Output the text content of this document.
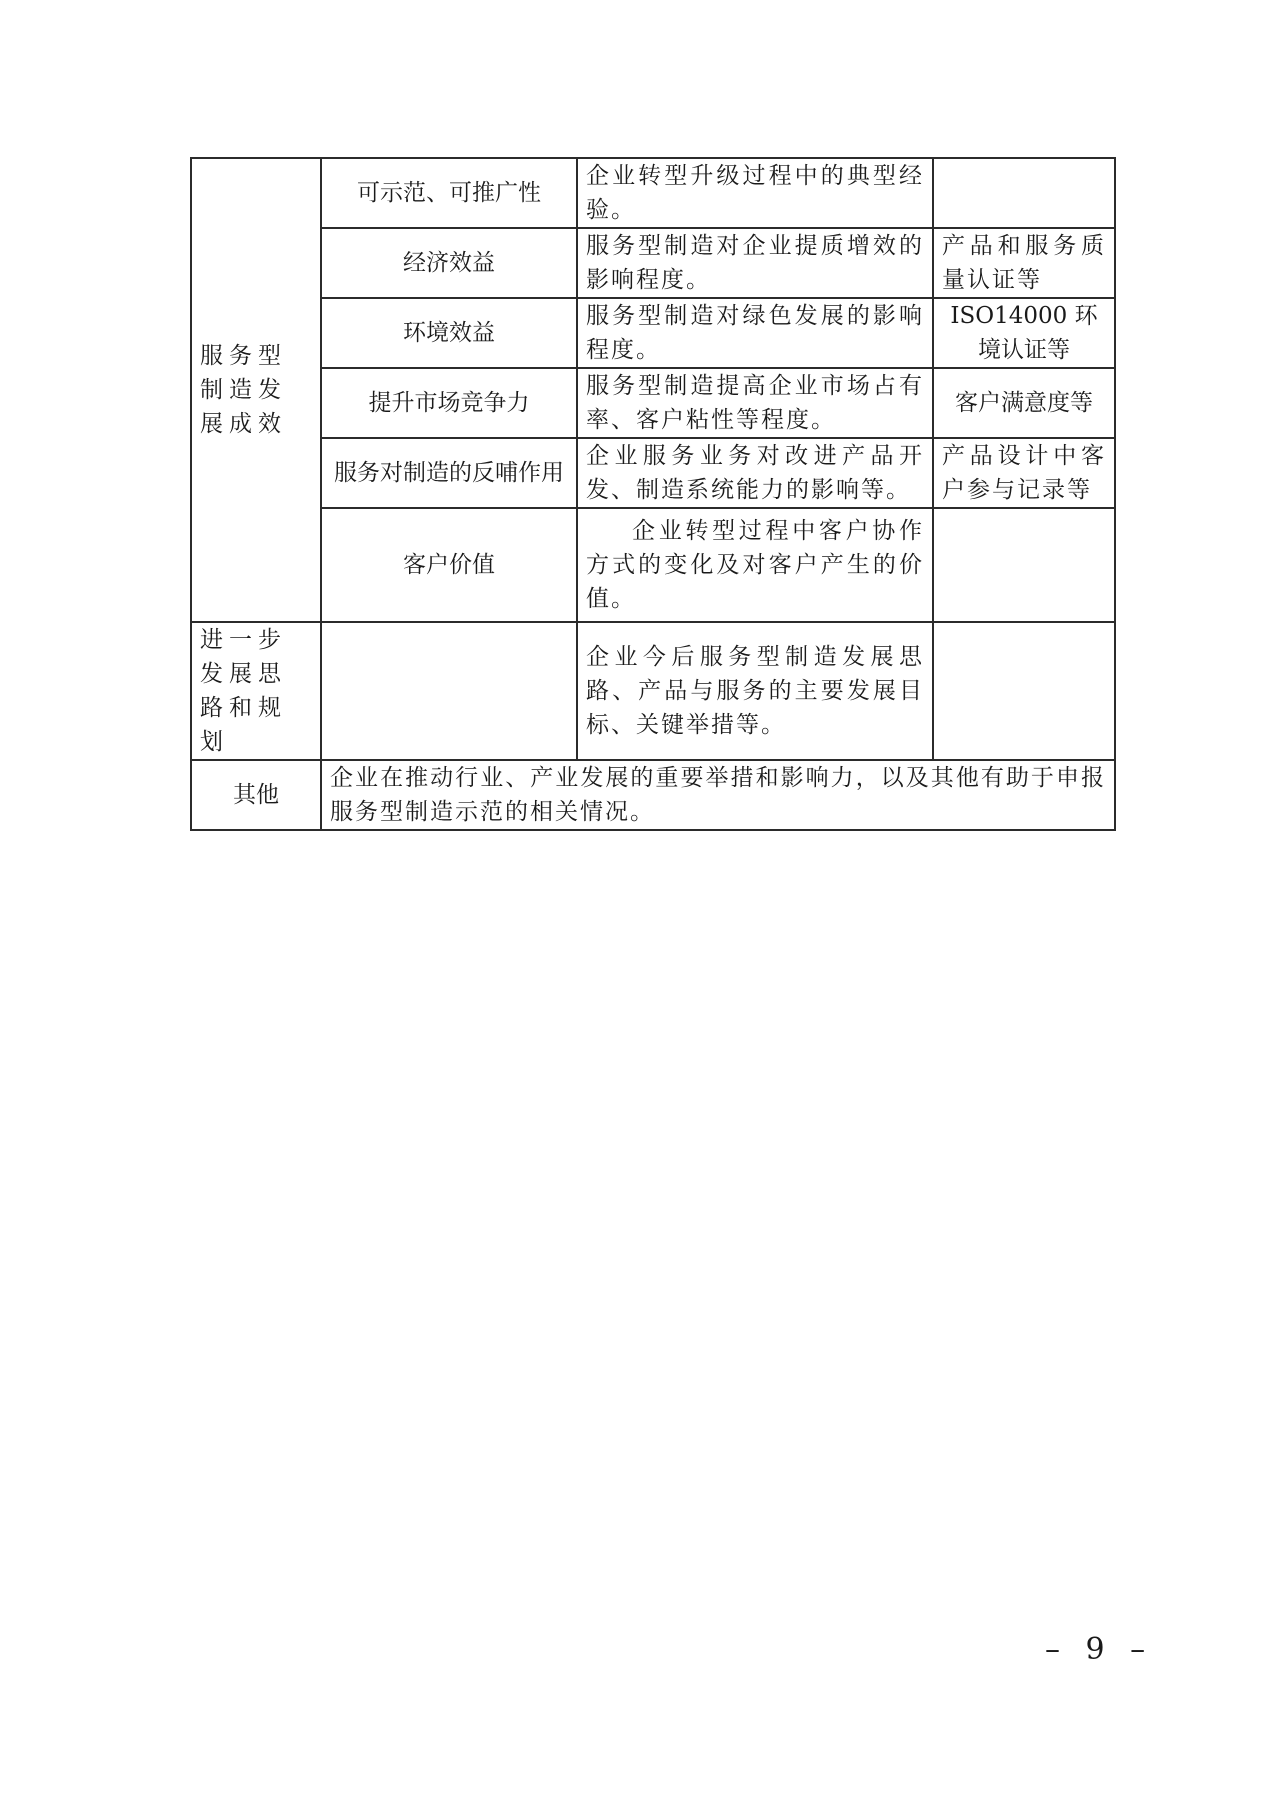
服务型制造发展成效	可示范、可推广性	企业转型升级过程中的典型经验。	
	经济效益	服务型制造对企业提质增效的影响程度。	产品和服务质量认证等
	环境效益	服务型制造对绿色发展的影响程度。	ISO14000 环境认证等
	提升市场竞争力	服务型制造提高企业市场占有率、客户粘性等程度。	客户满意度等
	服务对制造的反哺作用	企业服务业务对改进产品开发、制造系统能力的影响等。	产品设计中客户参与记录等
	客户价值	企业转型过程中客户协作方式的变化及对客户产生的价值。	
进一步发展思路和规划		企业今后服务型制造发展思路、产品与服务的主要发展目标、关键举措等。	
其他	企业在推动行业、产业发展的重要举措和影响力，以及其他有助于申报服务型制造示范的相关情况。		
– 9 –
